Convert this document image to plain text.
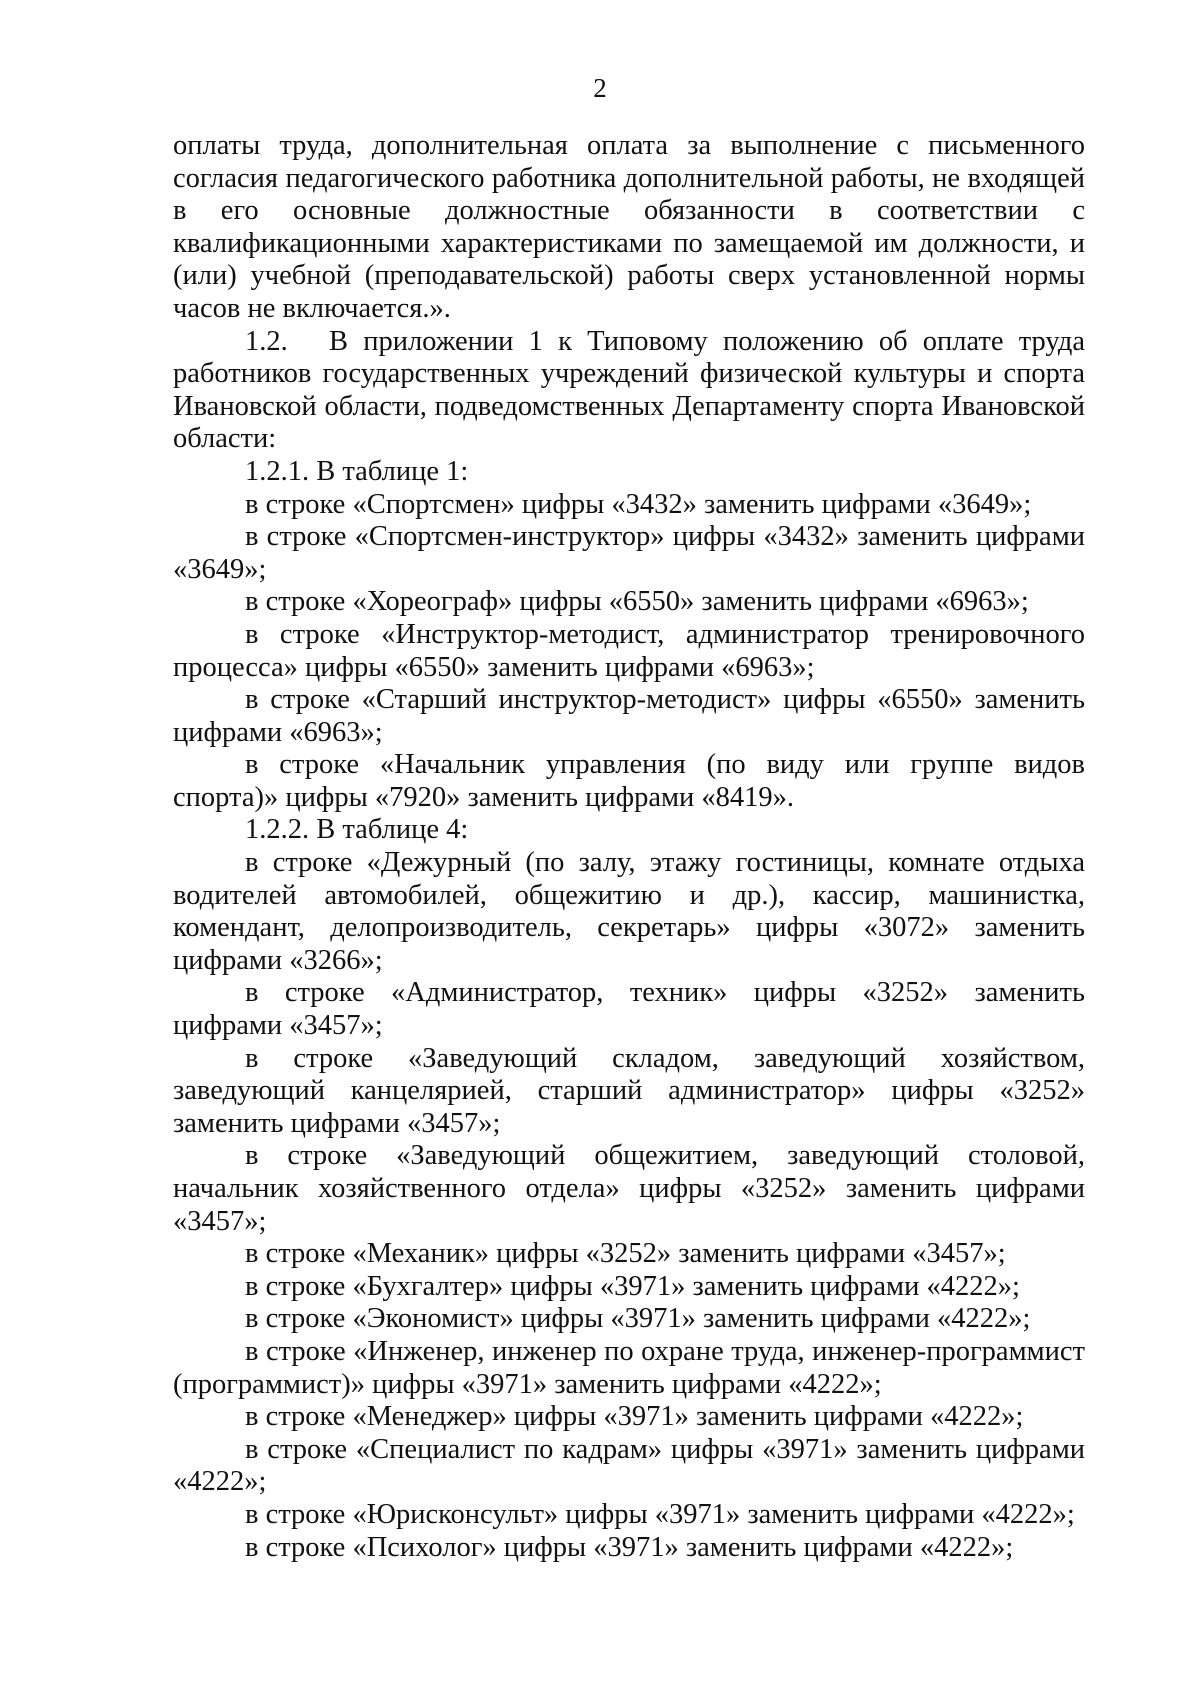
2

оплаты труда, дополнительная оплата за выполнение с письменного согласия педагогического работника дополнительной работы, не входящей в его основные должностные обязанности в соответствии с квалификационными характеристиками по замещаемой им должности, и (или) учебной (преподавательской) работы сверх установленной нормы часов не включается.».

1.2. В приложении 1 к Типовому положению об оплате труда работников государственных учреждений физической культуры и спорта Ивановской области, подведомственных Департаменту спорта Ивановской области:

1.2.1. В таблице 1:

в строке «Спортсмен» цифры «3432» заменить цифрами «3649»;

в строке «Спортсмен-инструктор» цифры «3432» заменить цифрами «3649»;

в строке «Хореограф» цифры «6550» заменить цифрами «6963»;

в строке «Инструктор-методист, администратор тренировочного процесса» цифры «6550» заменить цифрами «6963»;

в строке «Старший инструктор-методист» цифры «6550» заменить цифрами «6963»;

в строке «Начальник управления (по виду или группе видов спорта)» цифры «7920» заменить цифрами «8419».

1.2.2. В таблице 4:

в строке «Дежурный (по залу, этажу гостиницы, комнате отдыха водителей автомобилей, общежитию и др.), кассир, машинистка, комендант, делопроизводитель, секретарь» цифры «3072» заменить цифрами «3266»;

в строке «Администратор, техник» цифры «3252» заменить цифрами «3457»;

в строке «Заведующий складом, заведующий хозяйством, заведующий канцелярией, старший администратор» цифры «3252» заменить цифрами «3457»;

в строке «Заведующий общежитием, заведующий столовой, начальник хозяйственного отдела» цифры «3252» заменить цифрами «3457»;

в строке «Механик» цифры «3252» заменить цифрами «3457»;

в строке «Бухгалтер» цифры «3971» заменить цифрами «4222»;

в строке «Экономист» цифры «3971» заменить цифрами «4222»;

в строке «Инженер, инженер по охране труда, инженер-программист (программист)» цифры «3971» заменить цифрами «4222»;

в строке «Менеджер» цифры «3971» заменить цифрами «4222»;

в строке «Специалист по кадрам» цифры «3971» заменить цифрами «4222»;

в строке «Юрисконсульт» цифры «3971» заменить цифрами «4222»;

в строке «Психолог» цифры «3971» заменить цифрами «4222»;
